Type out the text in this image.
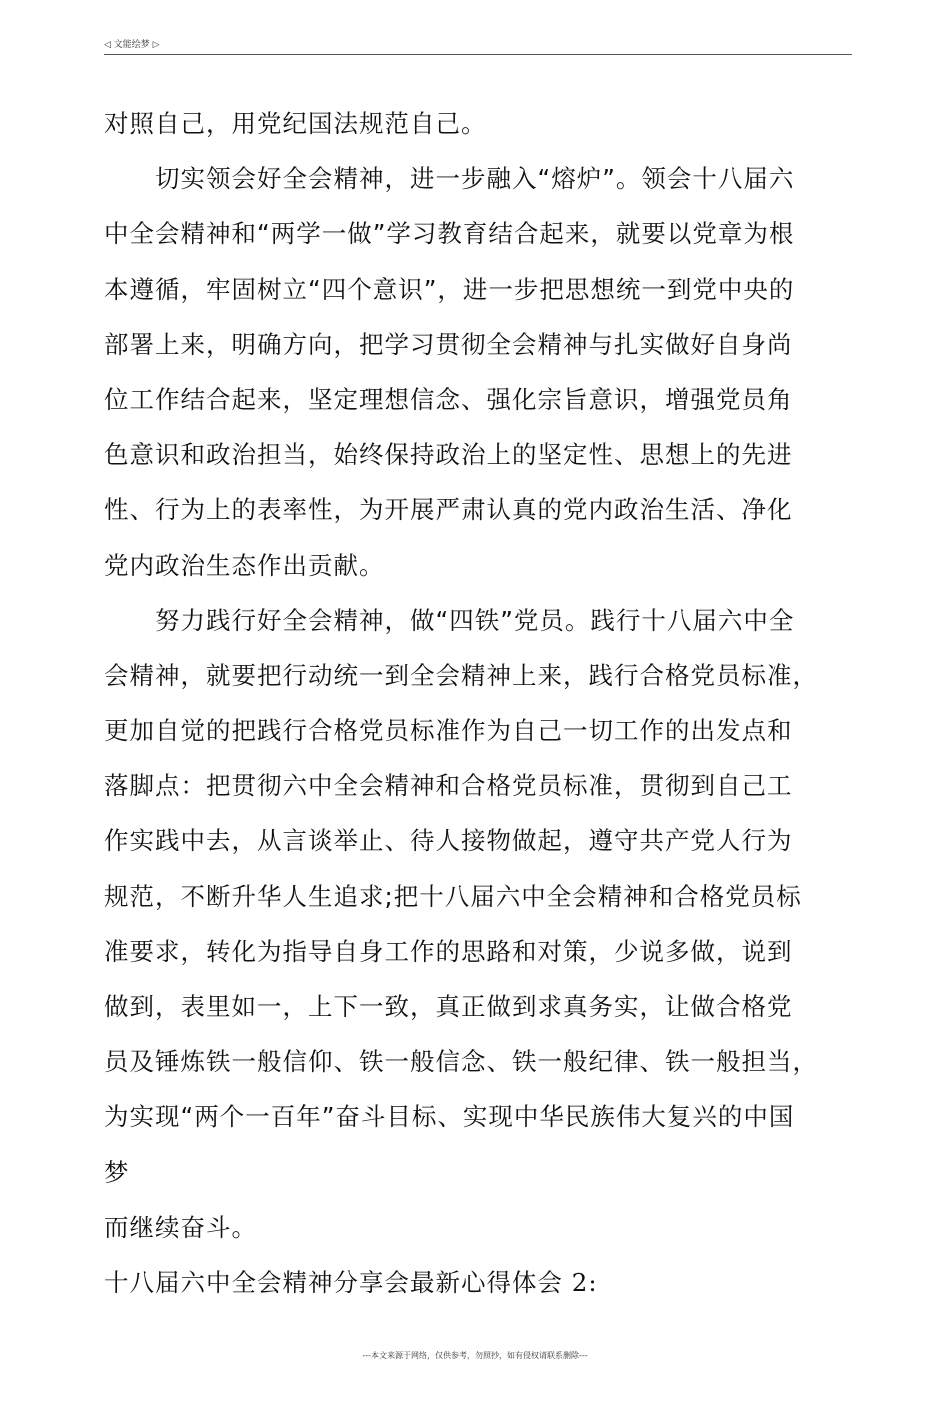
◁ 文能绘梦 ▷
对照自己，用党纪国法规范自己。
　　切实领会好全会精神，进一步融入“熔炉”。领会十八届六
中全会精神和“两学一做”学习教育结合起来，就要以党章为根
本遵循，牢固树立“四个意识”，进一步把思想统一到党中央的
部署上来，明确方向，把学习贯彻全会精神与扎实做好自身尚
位工作结合起来，坚定理想信念、强化宗旨意识，增强党员角
色意识和政治担当，始终保持政治上的坚定性、思想上的先进
性、行为上的表率性，为开展严肃认真的党内政治生活、净化
党内政治生态作出贡献。
　　努力践行好全会精神，做“四铁”党员。践行十八届六中全
会精神，就要把行动统一到全会精神上来，践行合格党员标准，
更加自觉的把践行合格党员标准作为自己一切工作的出发点和
落脚点：把贯彻六中全会精神和合格党员标准，贯彻到自己工
作实践中去，从言谈举止、待人接物做起，遵守共产党人行为
规范，不断升华人生追求;把十八届六中全会精神和合格党员标
准要求，转化为指导自身工作的思路和对策，少说多做，说到
做到，表里如一，上下一致，真正做到求真务实，让做合格党
员及锤炼铁一般信仰、铁一般信念、铁一般纪律、铁一般担当，
为实现“两个一百年”奋斗目标、实现中华民族伟大复兴的中国
梦
而继续奋斗。
十八届六中全会精神分享会最新心得体会 2:
---本文来源于网络，仅供参考，勿照抄，如有侵权请联系删除---
